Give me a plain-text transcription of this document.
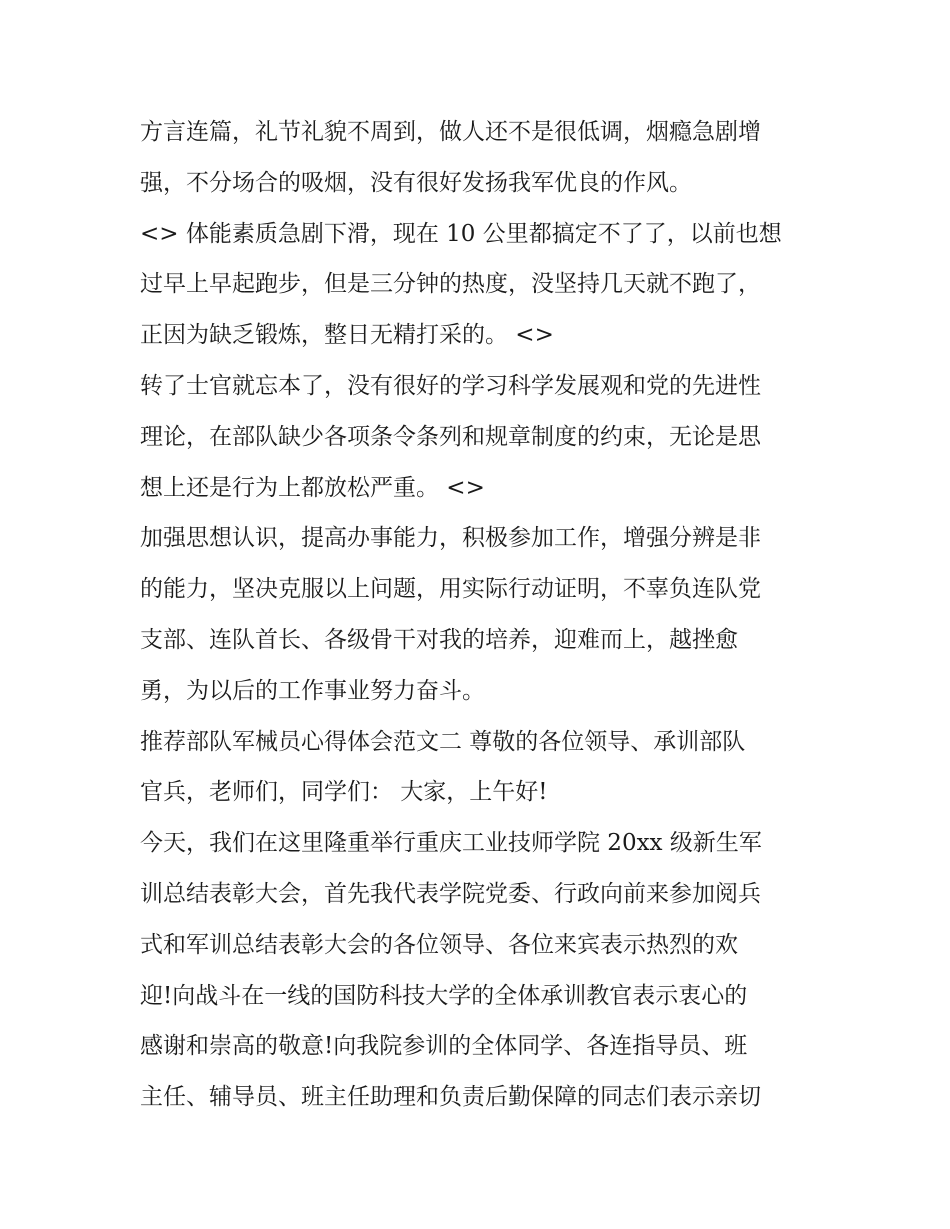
方言连篇，礼节礼貌不周到，做人还不是很低调，烟瘾急剧增
强，不分场合的吸烟，没有很好发扬我军优良的作风。
<> 体能素质急剧下滑，现在 10 公里都搞定不了了，以前也想
过早上早起跑步，但是三分钟的热度，没坚持几天就不跑了，
正因为缺乏锻炼，整日无精打采的。 <>
转了士官就忘本了，没有很好的学习科学发展观和党的先进性
理论，在部队缺少各项条令条列和规章制度的约束，无论是思
想上还是行为上都放松严重。 <>
加强思想认识，提高办事能力，积极参加工作，增强分辨是非
的能力，坚决克服以上问题，用实际行动证明，不辜负连队党
支部、连队首长、各级骨干对我的培养，迎难而上，越挫愈
勇，为以后的工作事业努力奋斗。
推荐部队军械员心得体会范文二 尊敬的各位领导、承训部队
官兵，老师们，同学们： 大家，上午好!
今天，我们在这里隆重举行重庆工业技师学院 20xx 级新生军
训总结表彰大会，首先我代表学院党委、行政向前来参加阅兵
式和军训总结表彰大会的各位领导、各位来宾表示热烈的欢
迎!向战斗在一线的国防科技大学的全体承训教官表示衷心的
感谢和崇高的敬意!向我院参训的全体同学、各连指导员、班
主任、辅导员、班主任助理和负责后勤保障的同志们表示亲切
